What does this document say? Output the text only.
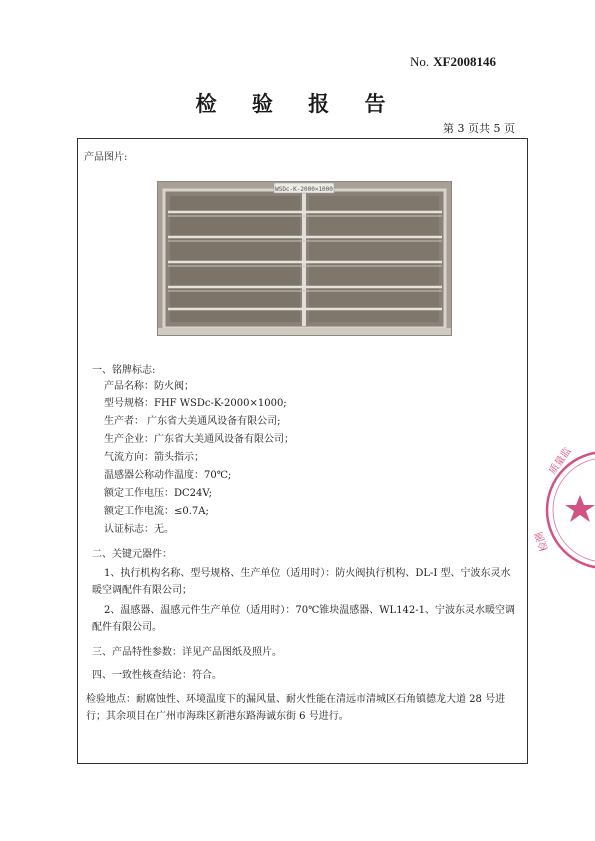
No. XF2008146
检 验 报 告
第 3 页共 5 页
产品图片:
WSDc-K-2000×1000
一、铭牌标志:
产品名称：防火阀；
型号规格：FHF WSDc-K-2000×1000;
生产者： 广东省大美通风设备有限公司;
生产企业：广东省大美通风设备有限公司；
气流方向：箭头指示；
温感器公称动作温度：70℃;
额定工作电压：DC24V;
额定工作电流：≤0.7A;
认证标志：无。
二、关键元器件：
1、执行机构名称、型号规格、生产单位（适用时）：防火阀执行机构、DL-I 型、宁波东灵水暖空调配件有限公司；
2、温感器、温感元件生产单位（适用时）：70℃锥块温感器、WL142-1、宁波东灵水暖空调配件有限公司。
三、产品特性参数：详见产品图纸及照片。
四、一致性核查结论：符合。
检验地点：耐腐蚀性、环境温度下的漏风量、耐火性能在清远市清城区石角镇德龙大道 28 号进行；其余项目在广州市海珠区新港东路海诚东街 6 号进行。
质量监
检测
